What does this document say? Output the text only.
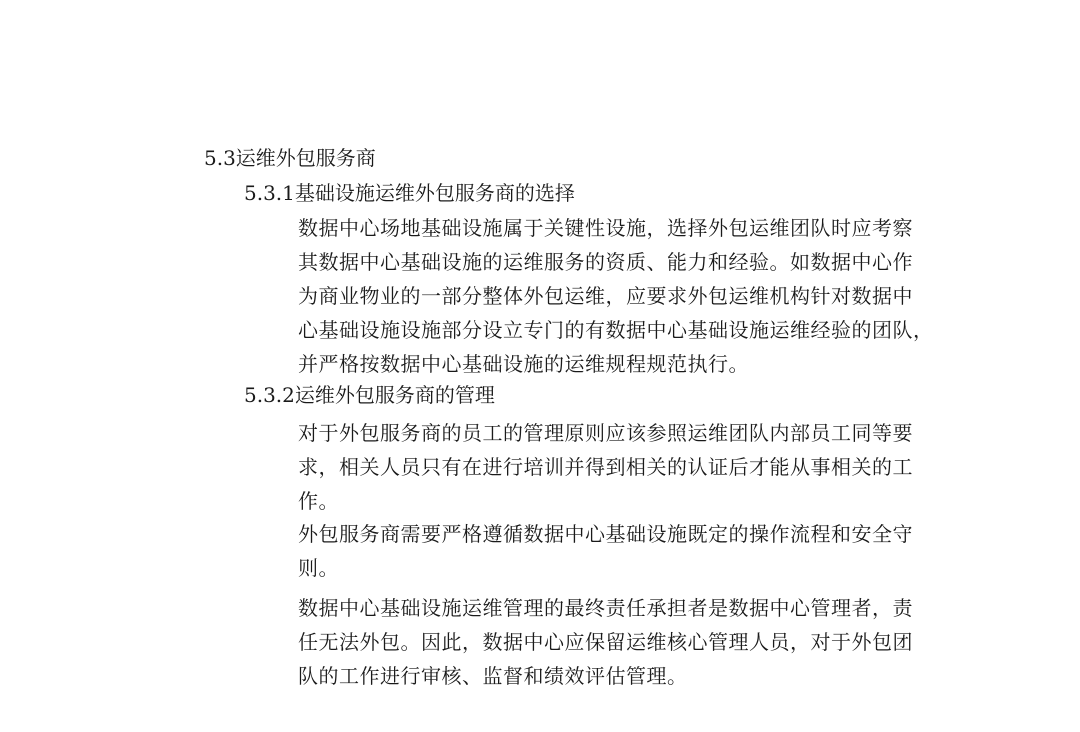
5.3运维外包服务商
5.3.1基础设施运维外包服务商的选择
数据中心场地基础设施属于关键性设施，选择外包运维团队时应考察
其数据中心基础设施的运维服务的资质、能力和经验。如数据中心作
为商业物业的一部分整体外包运维，应要求外包运维机构针对数据中
心基础设施设施部分设立专门的有数据中心基础设施运维经验的团队，
并严格按数据中心基础设施的运维规程规范执行。
5.3.2运维外包服务商的管理
对于外包服务商的员工的管理原则应该参照运维团队内部员工同等要
求，相关人员只有在进行培训并得到相关的认证后才能从事相关的工
作。
外包服务商需要严格遵循数据中心基础设施既定的操作流程和安全守
则。
数据中心基础设施运维管理的最终责任承担者是数据中心管理者，责
任无法外包。因此，数据中心应保留运维核心管理人员，对于外包团
队的工作进行审核、监督和绩效评估管理。
